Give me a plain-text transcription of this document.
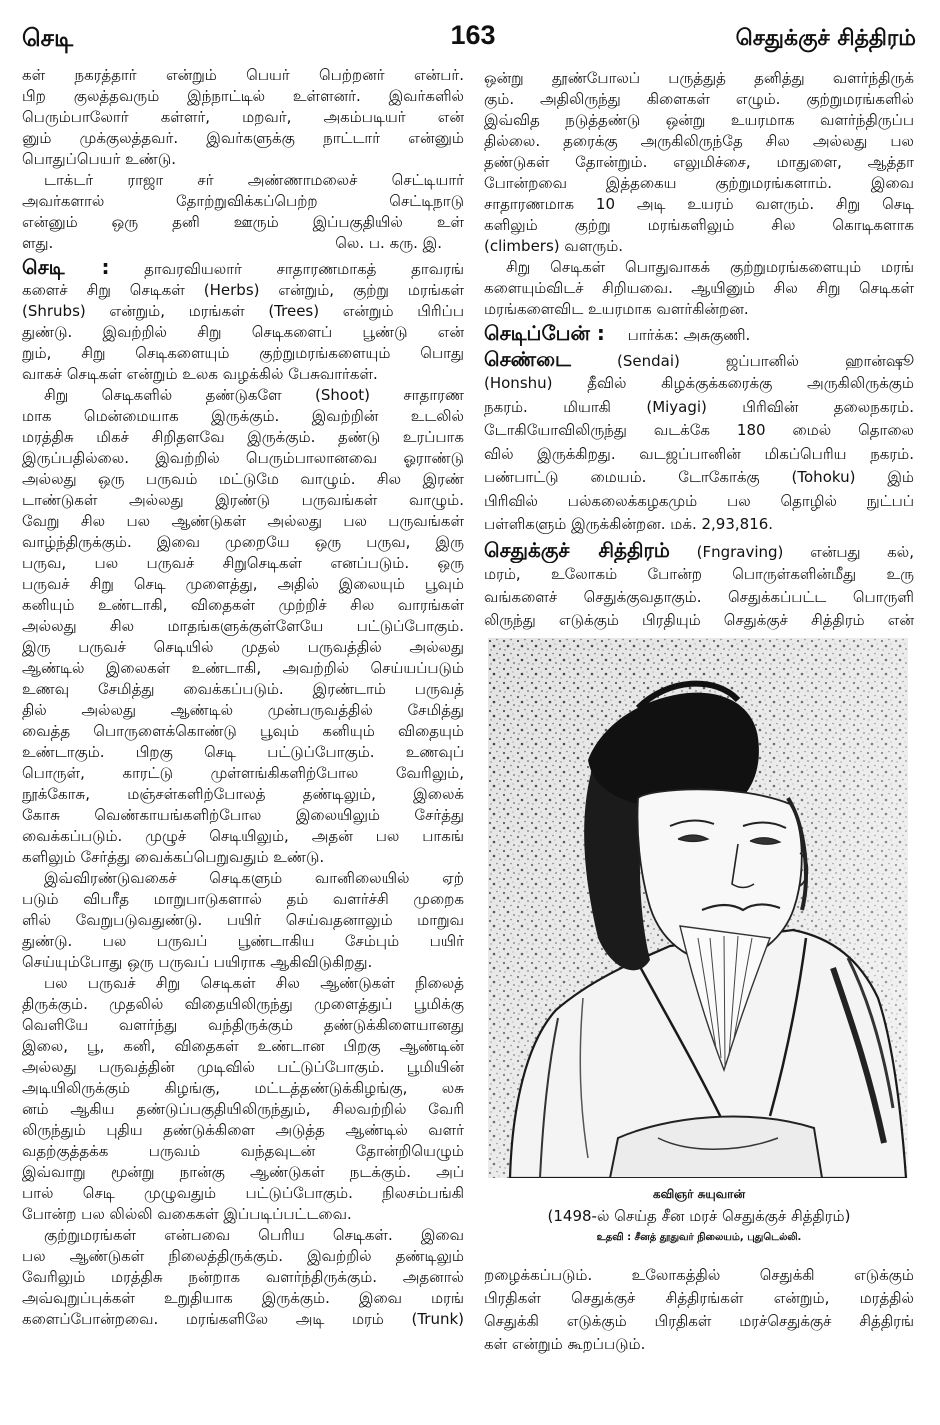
செடி	163	செதுக்குச் சித்திரம்
கள் நகரத்தார் என்றும் பெயர் பெற்றனர் என்பர்.
பிற குலத்தவரும் இந்நாட்டில் உள்ளனர். இவர்களில்
பெரும்பாலோர் கள்ளர், மறவர், அகம்படியர் என்
னும் முக்குலத்தவர். இவர்களுக்கு நாட்டார் என்னும்
பொதுப்பெயர் உண்டு.
டாக்டர் ராஜா சர் அண்ணாமலைச் செட்டியார்
அவர்களால் தோற்றுவிக்கப்பெற்ற செட்டிநாடு
என்னும் ஒரு தனி ஊரும் இப்பகுதியில் உள்
ளது.	லெ. ப. கரு. இ.
செடி : தாவரவியலார் சாதாரணமாகத் தாவரங்
களைச் சிறு செடிகள் (Herbs) என்றும், குற்று மரங்கள்
(Shrubs) என்றும், மரங்கள் (Trees) என்றும் பிரிப்ப
துண்டு. இவற்றில் சிறு செடிகளைப் பூண்டு என்
றும், சிறு செடிகளையும் குற்றுமரங்களையும் பொது
வாகச் செடிகள் என்றும் உலக வழக்கில் பேசுவார்கள்.
சிறு செடிகளில் தண்டுகளே (Shoot) சாதாரண
மாக மென்மையாக இருக்கும். இவற்றின் உடலில்
மரத்திசு மிகச் சிறிதளவே இருக்கும். தண்டு உரப்பாக
இருப்பதில்லை. இவற்றில் பெரும்பாலானவை ஓராண்டு
அல்லது ஒரு பருவம் மட்டுமே வாழும். சில இரண்
டாண்டுகள் அல்லது இரண்டு பருவங்கள் வாழும்.
வேறு சில பல ஆண்டுகள் அல்லது பல பருவங்கள்
வாழ்ந்திருக்கும். இவை முறையே ஒரு பருவ, இரு
பருவ, பல பருவச் சிறுசெடிகள் எனப்படும். ஒரு
பருவச் சிறு செடி முளைத்து, அதில் இலையும் பூவும்
கனியும் உண்டாகி, விதைகள் முற்றிச் சில வாரங்கள்
அல்லது சில மாதங்களுக்குள்ளேயே பட்டுப்போகும்.
இரு பருவச் செடியில் முதல் பருவத்தில் அல்லது
ஆண்டில் இலைகள் உண்டாகி, அவற்றில் செய்யப்படும்
உணவு சேமித்து வைக்கப்படும். இரண்டாம் பருவத்
தில் அல்லது ஆண்டில் முன்பருவத்தில் சேமித்து
வைத்த பொருளைக்கொண்டு பூவும் கனியும் விதையும்
உண்டாகும். பிறகு செடி பட்டுப்போகும். உணவுப்
பொருள், காரட்டு முள்ளங்கிகளிற்போல வேரிலும்,
நூக்கோசு, மஞ்சள்களிற்போலத் தண்டிலும், இலைக்
கோசு வெண்காயங்களிற்போல இலையிலும் சேர்த்து
வைக்கப்படும். முழுச் செடியிலும், அதன் பல பாகங்
களிலும் சேர்த்து வைக்கப்பெறுவதும் உண்டு.
இவ்விரண்டுவகைச் செடிகளும் வானிலையில் ஏற்
படும் விபரீத மாறுபாடுகளால் தம் வளர்ச்சி முறைக
ளில் வேறுபடுவதுண்டு. பயிர் செய்வதனாலும் மாறுவ
துண்டு. பல பருவப் பூண்டாகிய சேம்பும் பயிர்
செய்யும்போது ஒரு பருவப் பயிராக ஆகிவிடுகிறது.
பல பருவச் சிறு செடிகள் சில ஆண்டுகள் நிலைத்
திருக்கும். முதலில் விதையிலிருந்து முளைத்துப் பூமிக்கு
வெளியே வளர்ந்து வந்திருக்கும் தண்டுக்கிளையானது
இலை, பூ, கனி, விதைகள் உண்டான பிறகு ஆண்டின்
அல்லது பருவத்தின் முடிவில் பட்டுப்போகும். பூமியின்
அடியிலிருக்கும் கிழங்கு, மட்டத்தண்டுக்கிழங்கு, லசு
னம் ஆகிய தண்டுப்பகுதியிலிருந்தும், சிலவற்றில் வேரி
லிருந்தும் புதிய தண்டுக்கிளை அடுத்த ஆண்டில் வளர்
வதற்குத்தக்க பருவம் வந்தவுடன் தோன்றியெழும்
இவ்வாறு மூன்று நான்கு ஆண்டுகள் நடக்கும். அப்
பால் செடி முழுவதும் பட்டுப்போகும். நிலசம்பங்கி
போன்ற பல லில்லி வகைகள் இப்படிப்பட்டவை.
குற்றுமரங்கள் என்பவை பெரிய செடிகள். இவை
பல ஆண்டுகள் நிலைத்திருக்கும். இவற்றில் தண்டிலும்
வேரிலும் மரத்திசு நன்றாக வளர்ந்திருக்கும். அதனால்
அவ்வுறுப்புக்கள் உறுதியாக இருக்கும். இவை மரங்
களைப்போன்றவை. மரங்களிலே அடி மரம் (Trunk)
ஒன்று தூண்போலப் பருத்துத் தனித்து வளர்ந்திருக்
கும். அதிலிருந்து கிளைகள் எழும். குற்றுமரங்களில்
இவ்வித நடுத்தண்டு ஒன்று உயரமாக வளர்ந்திருப்ப
தில்லை. தரைக்கு அருகிலிருந்தே சில அல்லது பல
தண்டுகள் தோன்றும். எலுமிச்சை, மாதுளை, ஆத்தா
போன்றவை இத்தகைய குற்றுமரங்களாம். இவை
சாதாரணமாக 10 அடி உயரம் வளரும். சிறு செடி
களிலும் குற்று மரங்களிலும் சில கொடிகளாக
(climbers) வளரும்.
சிறு செடிகள் பொதுவாகக் குற்றுமரங்களையும் மரங்
களையும்விடச் சிறியவை. ஆயினும் சில சிறு செடிகள்
மரங்களைவிட உயரமாக வளர்கின்றன.
செடிப்பேன் : பார்க்க: அசுகுணி.
செண்டை	(Sendai) ஜப்பானில் ஹான்ஷூ
(Honshu) தீவில் கிழக்குக்கரைக்கு அருகிலிருக்கும்
நகரம். மியாகி (Miyagi) பிரிவின் தலைநகரம்.
டோகியோவிலிருந்து வடக்கே 180 மைல் தொலை
வில் இருக்கிறது. வடஜப்பானின் மிகப்பெரிய நகரம்.
பண்பாட்டு மையம். டோகோக்கு (Tohoku) இம்
பிரிவில் பல்கலைக்கழகமும் பல தொழில் நுட்பப்
பள்ளிகளும் இருக்கின்றன. மக். 2,93,816.
செதுக்குச் சித்திரம் (Fngraving) என்பது கல்,
மரம், உலோகம் போன்ற பொருள்களின்மீது உரு
வங்களைச் செதுக்குவதாகும். செதுக்கப்பட்ட பொருளி
லிருந்து எடுக்கும் பிரதியும் செதுக்குச் சித்திரம் என்
கவிஞர் சுயுவான்
(1498-ல் செய்த சீன மரச் செதுக்குச் சித்திரம்)
உதவி : சீனத் தூதுவர் நிலையம், புதுடெல்லி.
றழைக்கப்படும். உலோகத்தில் செதுக்கி எடுக்கும்
பிரதிகள் செதுக்குச் சித்திரங்கள் என்றும், மரத்தில்
செதுக்கி எடுக்கும் பிரதிகள் மரச்செதுக்குச் சித்திரங்
கள் என்றும் கூறப்படும்.
